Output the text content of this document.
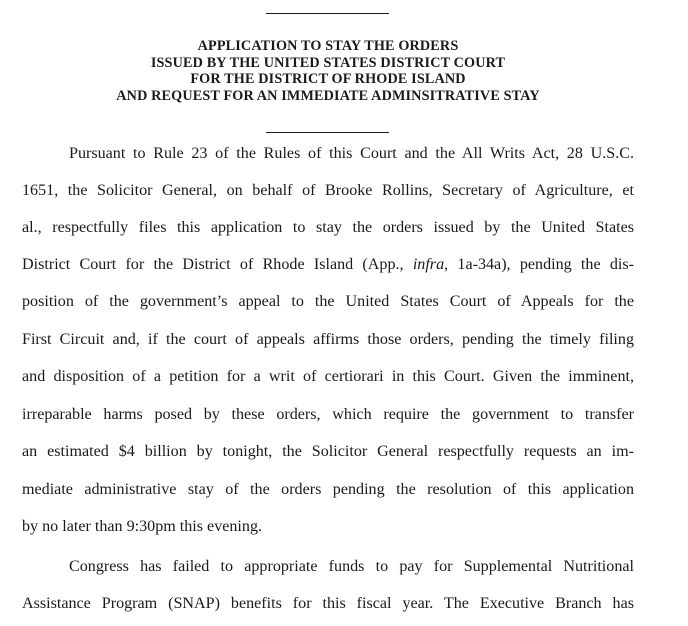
APPLICATION TO STAY THE ORDERS
ISSUED BY THE UNITED STATES DISTRICT COURT
FOR THE DISTRICT OF RHODE ISLAND
AND REQUEST FOR AN IMMEDIATE ADMINSITRATIVE STAY
Pursuant to Rule 23 of the Rules of this Court and the All Writs Act, 28 U.S.C.
1651, the Solicitor General, on behalf of Brooke Rollins, Secretary of Agriculture, et
al., respectfully files this application to stay the orders issued by the United States
District Court for the District of Rhode Island (App., infra, 1a-34a), pending the dis-
position of the government’s appeal to the United States Court of Appeals for the
First Circuit and, if the court of appeals affirms those orders, pending the timely filing
and disposition of a petition for a writ of certiorari in this Court. Given the imminent,
irreparable harms posed by these orders, which require the government to transfer
an estimated $4 billion by tonight, the Solicitor General respectfully requests an im-
mediate administrative stay of the orders pending the resolution of this application
by no later than 9:30pm this evening.
Congress has failed to appropriate funds to pay for Supplemental Nutritional
Assistance Program (SNAP) benefits for this fiscal year. The Executive Branch has
